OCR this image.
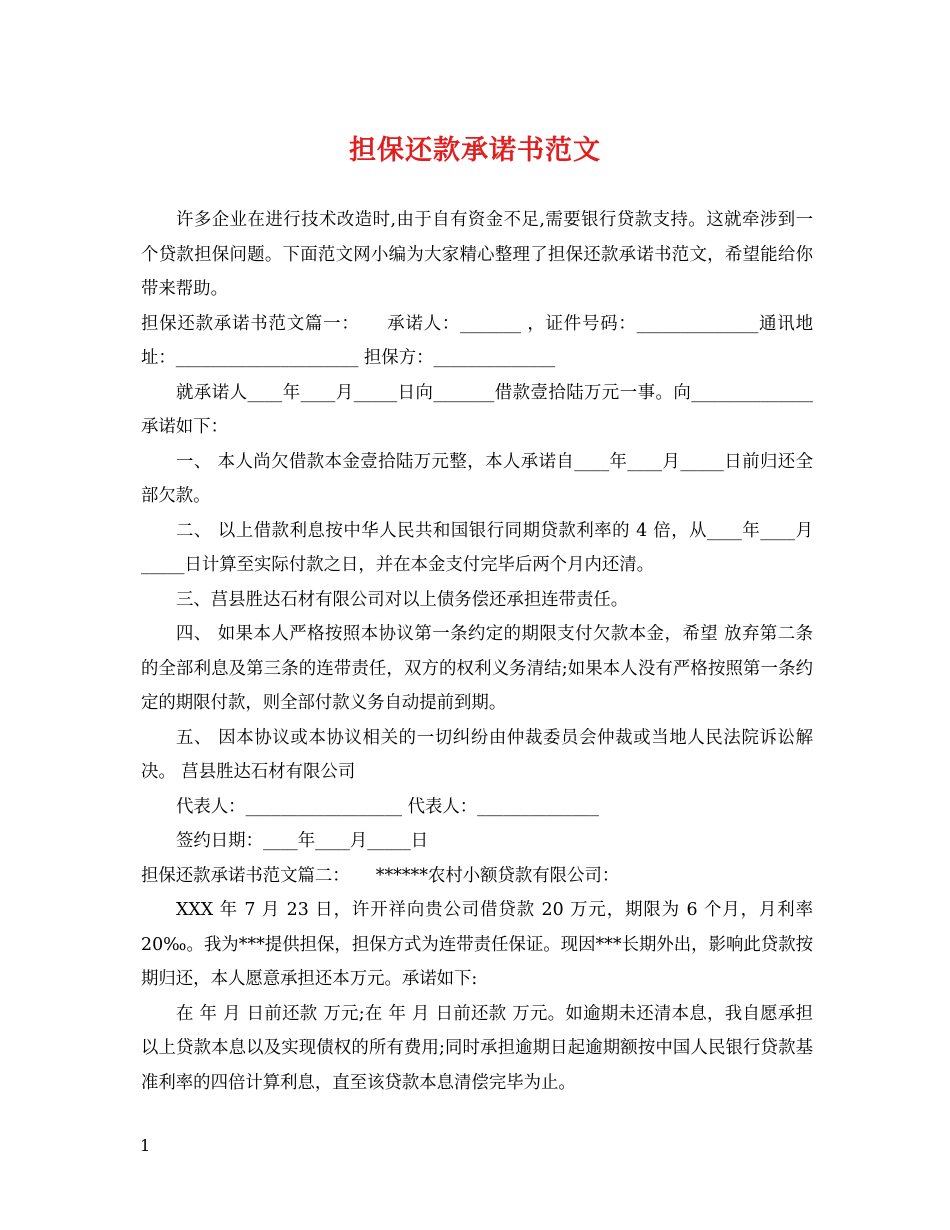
担保还款承诺书范文

许多企业在进行技术改造时,由于自有资金不足,需要银行贷款支持。这就牵涉到一个贷款担保问题。下面范文网小编为大家精心整理了担保还款承诺书范文，希望能给你带来帮助。

担保还款承诺书范文篇一：　　承诺人：_______ ，证件号码：______________通讯地址：_____________________ 担保方：______________

就承诺人____年____月_____日向_______借款壹拾陆万元一事。向______________承诺如下：

一、 本人尚欠借款本金壹拾陆万元整，本人承诺自____年____月_____日前归还全部欠款。

二、 以上借款利息按中华人民共和国银行同期贷款利率的 4 倍，从____年____月_____日计算至实际付款之日，并在本金支付完毕后两个月内还清。

三、莒县胜达石材有限公司对以上债务偿还承担连带责任。

四、 如果本人严格按照本协议第一条约定的期限支付欠款本金，希望 放弃第二条的全部利息及第三条的连带责任，双方的权利义务清结;如果本人没有严格按照第一条约定的期限付款，则全部付款义务自动提前到期。

五、 因本协议或本协议相关的一切纠纷由仲裁委员会仲裁或当地人民法院诉讼解决。 莒县胜达石材有限公司

代表人：__________________ 代表人：______________

签约日期：____年____月_____日

担保还款承诺书范文篇二：　　******农村小额贷款有限公司：

XXX 年 7 月 23 日，许开祥向贵公司借贷款 20 万元，期限为 6 个月，月利率 20‰。我为***提供担保，担保方式为连带责任保证。现因***长期外出，影响此贷款按期归还，本人愿意承担还本万元。承诺如下:

在 年 月 日前还款 万元;在 年 月 日前还款 万元。如逾期未还清本息，我自愿承担以上贷款本息以及实现债权的所有费用;同时承担逾期日起逾期额按中国人民银行贷款基准利率的四倍计算利息，直至该贷款本息清偿完毕为止。

1
